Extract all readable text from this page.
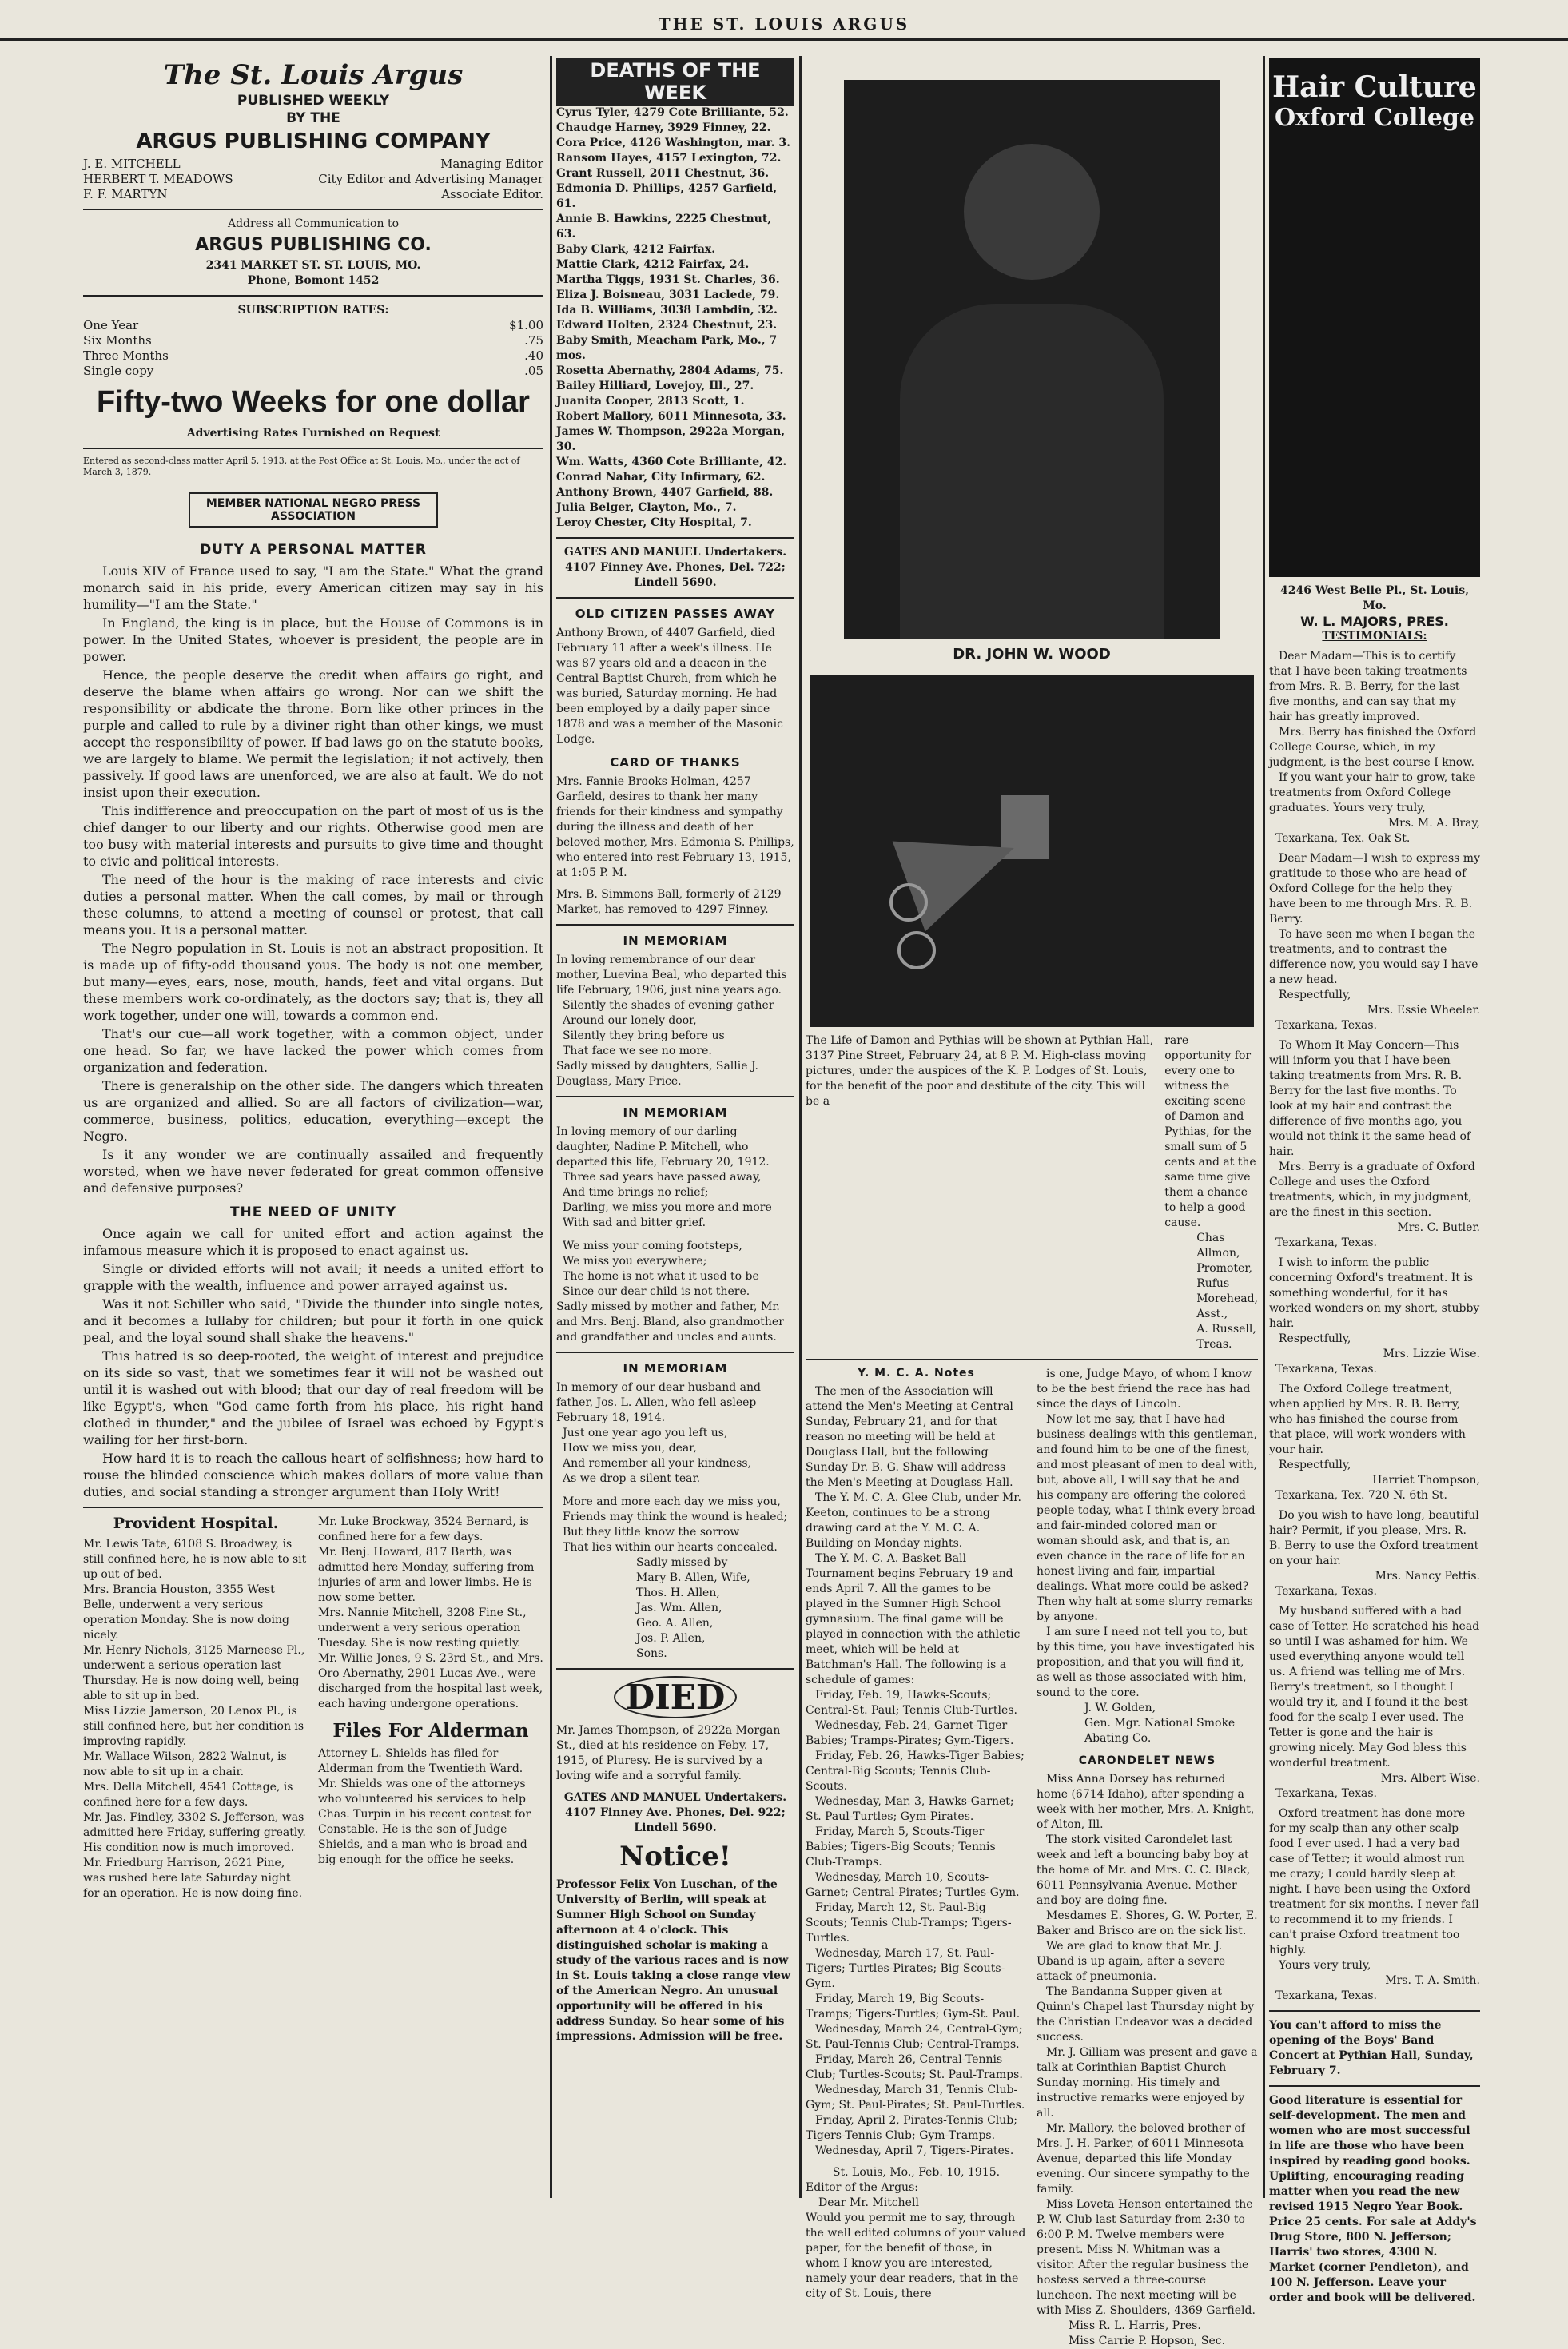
THE ST. LOUIS ARGUS
The St. Louis Argus
PUBLISHED WEEKLY
BY THE
ARGUS PUBLISHING COMPANY
J. E. MITCHELL	Managing Editor
HERBERT T. MEADOWS	City Editor and Advertising Manager
F. F. MARTYN	Associate Editor.
Address all Communication to
ARGUS PUBLISHING CO.
2341 MARKET ST. ST. LOUIS, MO.
Phone, Bomont 1452
SUBSCRIPTION RATES:
One Year	$1.00
Six Months	.75
Three Months	.40
Single copy	.05
Fifty-two Weeks for one dollar
Advertising Rates Furnished on Request
Entered as second-class matter April 5, 1913, at the Post Office at St. Louis, Mo., under the act of March 3, 1879.
MEMBER NATIONAL NEGRO PRESS ASSOCIATION
DUTY A PERSONAL MATTER

Louis XIV of France used to say, "I am the State." What the grand monarch said in his pride, every American citizen may say in his humility—"I am the State."

In England, the king is in place, but the House of Commons is in power. In the United States, whoever is president, the people are in power.

Hence, the people deserve the credit when affairs go right, and deserve the blame when affairs go wrong. Nor can we shift the responsibility or abdicate the throne. Born like other princes in the purple and called to rule by a diviner right than other kings, we must accept the responsibility of power. If bad laws go on the statute books, we are largely to blame. We permit the legislation; if not actively, then passively. If good laws are unenforced, we are also at fault. We do not insist upon their execution.

This indifference and preoccupation on the part of most of us is the chief danger to our liberty and our rights. Otherwise good men are too busy with material interests and pursuits to give time and thought to civic and political interests.

The need of the hour is the making of race interests and civic duties a personal matter. When the call comes, by mail or through these columns, to attend a meeting of counsel or protest, that call means you. It is a personal matter.

The Negro population in St. Louis is not an abstract proposition. It is made up of fifty-odd thousand yous. The body is not one member, but many—eyes, ears, nose, mouth, hands, feet and vital organs. But these members work co-ordinately, as the doctors say; that is, they all work together, under one will, towards a common end.

That's our cue—all work together, with a common object, under one head. So far, we have lacked the power which comes from organization and federation.

There is generalship on the other side. The dangers which threaten us are organized and allied. So are all factors of civilization—war, commerce, business, politics, education, everything—except the Negro.

Is it any wonder we are continually assailed and frequently worsted, when we have never federated for great common offensive and defensive purposes?

THE NEED OF UNITY

Once again we call for united effort and action against the infamous measure which it is proposed to enact against us.

Single or divided efforts will not avail; it needs a united effort to grapple with the wealth, influence and power arrayed against us.

Was it not Schiller who said, "Divide the thunder into single notes, and it becomes a lullaby for children; but pour it forth in one quick peal, and the loyal sound shall shake the heavens."

This hatred is so deep-rooted, the weight of interest and prejudice on its side so vast, that we sometimes fear it will not be washed out until it is washed out with blood; that our day of real freedom will be like Egypt's, when "God came forth from his place, his right hand clothed in thunder," and the jubilee of Israel was echoed by Egypt's wailing for her first-born.

How hard it is to reach the callous heart of selfishness; how hard to rouse the blinded conscience which makes dollars of more value than duties, and social standing a stronger argument than Holy Writ!

Provident Hospital.

Mr. Lewis Tate, 6108 S. Broadway, is still confined here, he is now able to sit up out of bed.

Mrs. Brancia Houston, 3355 West Belle, underwent a very serious operation Monday. She is now doing nicely.

Mr. Henry Nichols, 3125 Marneese Pl., underwent a serious operation last Thursday. He is now doing well, being able to sit up in bed.

Miss Lizzie Jamerson, 20 Lenox Pl., is still confined here, but her condition is improving rapidly.

Mr. Wallace Wilson, 2822 Walnut, is now able to sit up in a chair.

Mrs. Della Mitchell, 4541 Cottage, is confined here for a few days.

Mr. Jas. Findley, 3302 S. Jefferson, was admitted here Friday, suffering greatly. His condition now is much improved.

Mr. Friedburg Harrison, 2621 Pine, was rushed here late Saturday night for an operation. He is now doing fine.

Mr. Luke Brockway, 3524 Bernard, is confined here for a few days.

Mr. Benj. Howard, 817 Barth, was admitted here Monday, suffering from injuries of arm and lower limbs. He is now some better.

Mrs. Nannie Mitchell, 3208 Fine St., underwent a very serious operation Tuesday. She is now resting quietly.

Mr. Willie Jones, 9 S. 23rd St., and Mrs. Oro Abernathy, 2901 Lucas Ave., were discharged from the hospital last week, each having undergone operations.

Files For Alderman

Attorney L. Shields has filed for Alderman from the Twentieth Ward. Mr. Shields was one of the attorneys who volunteered his services to help Chas. Turpin in his recent contest for Constable. He is the son of Judge Shields, and a man who is broad and big enough for the office he seeks.

DEATHS OF THE WEEK

Cyrus Tyler, 4279 Cote Brilliante, 52.

Chaudge Harney, 3929 Finney, 22.

Cora Price, 4126 Washington, mar. 3.

Ransom Hayes, 4157 Lexington, 72.

Grant Russell, 2011 Chestnut, 36.

Edmonia D. Phillips, 4257 Garfield, 61.

Annie B. Hawkins, 2225 Chestnut, 63.

Baby Clark, 4212 Fairfax.

Mattie Clark, 4212 Fairfax, 24.

Martha Tiggs, 1931 St. Charles, 36.

Eliza J. Boisneau, 3031 Laclede, 79.

Ida B. Williams, 3038 Lambdin, 32.

Edward Holten, 2324 Chestnut, 23.

Baby Smith, Meacham Park, Mo., 7 mos.

Rosetta Abernathy, 2804 Adams, 75.

Bailey Hilliard, Lovejoy, Ill., 27.

Juanita Cooper, 2813 Scott, 1.

Robert Mallory, 6011 Minnesota, 33.

James W. Thompson, 2922a Morgan, 30.

Wm. Watts, 4360 Cote Brilliante, 42.

Conrad Nahar, City Infirmary, 62.

Anthony Brown, 4407 Garfield, 88.

Julia Belger, Clayton, Mo., 7.

Leroy Chester, City Hospital, 7.

GATES AND MANUEL Undertakers. 4107 Finney Ave. Phones, Del. 722; Lindell 5690.

OLD CITIZEN PASSES AWAY

Anthony Brown, of 4407 Garfield, died February 11 after a week's illness. He was 87 years old and a deacon in the Central Baptist Church, from which he was buried, Saturday morning. He had been employed by a daily paper since 1878 and was a member of the Masonic Lodge.

CARD OF THANKS

Mrs. Fannie Brooks Holman, 4257 Garfield, desires to thank her many friends for their kindness and sympathy during the illness and death of her beloved mother, Mrs. Edmonia S. Phillips, who entered into rest February 13, 1915, at 1:05 P. M.

Mrs. B. Simmons Ball, formerly of 2129 Market, has removed to 4297 Finney.

IN MEMORIAM

In loving remembrance of our dear mother, Luevina Beal, who departed this life February, 1906, just nine years ago.

Silently the shades of evening gather

Around our lonely door,

Silently they bring before us

That face we see no more.

Sadly missed by daughters, Sallie J. Douglass, Mary Price.

IN MEMORIAM

In loving memory of our darling daughter, Nadine P. Mitchell, who departed this life, February 20, 1912.

Three sad years have passed away,

And time brings no relief;

Darling, we miss you more and more

With sad and bitter grief.

We miss your coming footsteps,

We miss you everywhere;

The home is not what it used to be

Since our dear child is not there.

Sadly missed by mother and father, Mr. and Mrs. Benj. Bland, also grandmother and grandfather and uncles and aunts.

IN MEMORIAM

In memory of our dear husband and father, Jos. L. Allen, who fell asleep February 18, 1914.

Just one year ago you left us,

How we miss you, dear,

And remember all your kindness,

As we drop a silent tear.

More and more each day we miss you,

Friends may think the wound is healed;

But they little know the sorrow

That lies within our hearts concealed.

Sadly missed by

Mary B. Allen, Wife,

Thos. H. Allen,

Jas. Wm. Allen,

Geo. A. Allen,

Jos. P. Allen,

Sons.

DIED

Mr. James Thompson, of 2922a Morgan St., died at his residence on Feby. 17, 1915, of Pluresy. He is survived by a loving wife and a sorryful family.

GATES AND MANUEL Undertakers. 4107 Finney Ave. Phones, Del. 922; Lindell 5690.

Notice!

Professor Felix Von Luschan, of the University of Berlin, will speak at Sumner High School on Sunday afternoon at 4 o'clock. This distinguished scholar is making a study of the various races and is now in St. Louis taking a close range view of the American Negro. An unusual opportunity will be offered in his address Sunday. So hear some of his impressions. Admission will be free.

DR. JOHN W. WOOD

The Life of Damon and Pythias will be shown at Pythian Hall, 3137 Pine Street, February 24, at 8 P. M. High-class moving pictures, under the auspices of the K. P. Lodges of St. Louis, for the benefit of the poor and destitute of the city. This will be a

rare opportunity for every one to witness the exciting scene of Damon and Pythias, for the small sum of 5 cents and at the same time give them a chance to help a good cause.

Chas Allmon, Promoter,

Rufus Morehead, Asst.,

A. Russell, Treas.

Y. M. C. A. Notes

The men of the Association will attend the Men's Meeting at Central Sunday, February 21, and for that reason no meeting will be held at Douglass Hall, but the following Sunday Dr. B. G. Shaw will address the Men's Meeting at Douglass Hall.

The Y. M. C. A. Glee Club, under Mr. Keeton, continues to be a strong drawing card at the Y. M. C. A. Building on Monday nights.

The Y. M. C. A. Basket Ball Tournament begins February 19 and ends April 7. All the games to be played in the Sumner High School gymnasium. The final game will be played in connection with the athletic meet, which will be held at Batchman's Hall. The following is a schedule of games:

Friday, Feb. 19, Hawks-Scouts; Central-St. Paul; Tennis Club-Turtles.

Wednesday, Feb. 24, Garnet-Tiger Babies; Tramps-Pirates; Gym-Tigers.

Friday, Feb. 26, Hawks-Tiger Babies; Central-Big Scouts; Tennis Club-Scouts.

Wednesday, Mar. 3, Hawks-Garnet; St. Paul-Turtles; Gym-Pirates.

Friday, March 5, Scouts-Tiger Babies; Tigers-Big Scouts; Tennis Club-Tramps.

Wednesday, March 10, Scouts-Garnet; Central-Pirates; Turtles-Gym.

Friday, March 12, St. Paul-Big Scouts; Tennis Club-Tramps; Tigers-Turtles.

Wednesday, March 17, St. Paul-Tigers; Turtles-Pirates; Big Scouts-Gym.

Friday, March 19, Big Scouts-Tramps; Tigers-Turtles; Gym-St. Paul.

Wednesday, March 24, Central-Gym; St. Paul-Tennis Club; Central-Tramps.

Friday, March 26, Central-Tennis Club; Turtles-Scouts; St. Paul-Tramps.

Wednesday, March 31, Tennis Club-Gym; St. Paul-Pirates; St. Paul-Turtles.

Friday, April 2, Pirates-Tennis Club; Tigers-Tennis Club; Gym-Tramps.

Wednesday, April 7, Tigers-Pirates.

St. Louis, Mo., Feb. 10, 1915.

Editor of the Argus:

Dear Mr. Mitchell

Would you permit me to say, through the well edited columns of your valued paper, for the benefit of those, in whom I know you are interested, namely your dear readers, that in the city of St. Louis, there

is one, Judge Mayo, of whom I know to be the best friend the race has had since the days of Lincoln.

Now let me say, that I have had business dealings with this gentleman, and found him to be one of the finest, and most pleasant of men to deal with, but, above all, I will say that he and his company are offering the colored people today, what I think every broad and fair-minded colored man or woman should ask, and that is, an even chance in the race of life for an honest living and fair, impartial dealings. What more could be asked? Then why halt at some slurry remarks by anyone.

I am sure I need not tell you to, but by this time, you have investigated his proposition, and that you will find it, as well as those associated with him, sound to the core.

J. W. Golden,

Gen. Mgr. National Smoke

Abating Co.

CARONDELET NEWS

Miss Anna Dorsey has returned home (6714 Idaho), after spending a week with her mother, Mrs. A. Knight, of Alton, Ill.

The stork visited Carondelet last week and left a bouncing baby boy at the home of Mr. and Mrs. C. C. Black, 6011 Pennsylvania Avenue. Mother and boy are doing fine.

Mesdames E. Shores, G. W. Porter, E. Baker and Brisco are on the sick list.

We are glad to know that Mr. J. Uband is up again, after a severe attack of pneumonia.

The Bandanna Supper given at Quinn's Chapel last Thursday night by the Christian Endeavor was a decided success.

Mr. J. Gilliam was present and gave a talk at Corinthian Baptist Church Sunday morning. His timely and instructive remarks were enjoyed by all.

Mr. Mallory, the beloved brother of Mrs. J. H. Parker, of 6011 Minnesota Avenue, departed this life Monday evening. Our sincere sympathy to the family.

Miss Loveta Henson entertained the P. W. Club last Saturday from 2:30 to 6:00 P. M. Twelve members were present. Miss N. Whitman was a visitor. After the regular business the hostess served a three-course luncheon. The next meeting will be with Miss Z. Shoulders, 4369 Garfield.

Miss R. L. Harris, Pres.

Miss Carrie P. Hopson, Sec.

Hair Culture
Oxford College
4246 West Belle Pl., St. Louis, Mo.
W. L. MAJORS, PRES.
TESTIMONIALS:

Dear Madam—This is to certify that I have been taking treatments from Mrs. R. B. Berry, for the last five months, and can say that my hair has greatly improved.

Mrs. Berry has finished the Oxford College Course, which, in my judgment, is the best course I know.

If you want your hair to grow, take treatments from Oxford College graduates. Yours very truly,

Mrs. M. A. Bray,

Texarkana, Tex. Oak St.

Dear Madam—I wish to express my gratitude to those who are head of Oxford College for the help they have been to me through Mrs. R. B. Berry.

To have seen me when I began the treatments, and to contrast the difference now, you would say I have a new head.

Respectfully,

Mrs. Essie Wheeler.

Texarkana, Texas.

To Whom It May Concern—This will inform you that I have been taking treatments from Mrs. R. B. Berry for the last five months. To look at my hair and contrast the difference of five months ago, you would not think it the same head of hair.

Mrs. Berry is a graduate of Oxford College and uses the Oxford treatments, which, in my judgment, are the finest in this section.

Mrs. C. Butler.

Texarkana, Texas.

I wish to inform the public concerning Oxford's treatment. It is something wonderful, for it has worked wonders on my short, stubby hair.

Respectfully,

Mrs. Lizzie Wise.

Texarkana, Texas.

The Oxford College treatment, when applied by Mrs. R. B. Berry, who has finished the course from that place, will work wonders with your hair.

Respectfully,

Harriet Thompson,

Texarkana, Tex. 720 N. 6th St.

Do you wish to have long, beautiful hair? Permit, if you please, Mrs. R. B. Berry to use the Oxford treatment on your hair.

Mrs. Nancy Pettis.

Texarkana, Texas.

My husband suffered with a bad case of Tetter. He scratched his head so until I was ashamed for him. We used everything anyone would tell us. A friend was telling me of Mrs. Berry's treatment, so I thought I would try it, and I found it the best food for the scalp I ever used. The Tetter is gone and the hair is growing nicely. May God bless this wonderful treatment.

Mrs. Albert Wise.

Texarkana, Texas.

Oxford treatment has done more for my scalp than any other scalp food I ever used. I had a very bad case of Tetter; it would almost run me crazy; I could hardly sleep at night. I have been using the Oxford treatment for six months. I never fail to recommend it to my friends. I can't praise Oxford treatment too highly.

Yours very truly,

Mrs. T. A. Smith.

Texarkana, Texas.

You can't afford to miss the opening of the Boys' Band Concert at Pythian Hall, Sunday, February 7.

Good literature is essential for self-development. The men and women who are most successful in life are those who have been inspired by reading good books. Uplifting, encouraging reading matter when you read the new revised 1915 Negro Year Book. Price 25 cents. For sale at Addy's Drug Store, 800 N. Jefferson; Harris' two stores, 4300 N. Market (corner Pendleton), and 100 N. Jefferson. Leave your order and book will be delivered.
